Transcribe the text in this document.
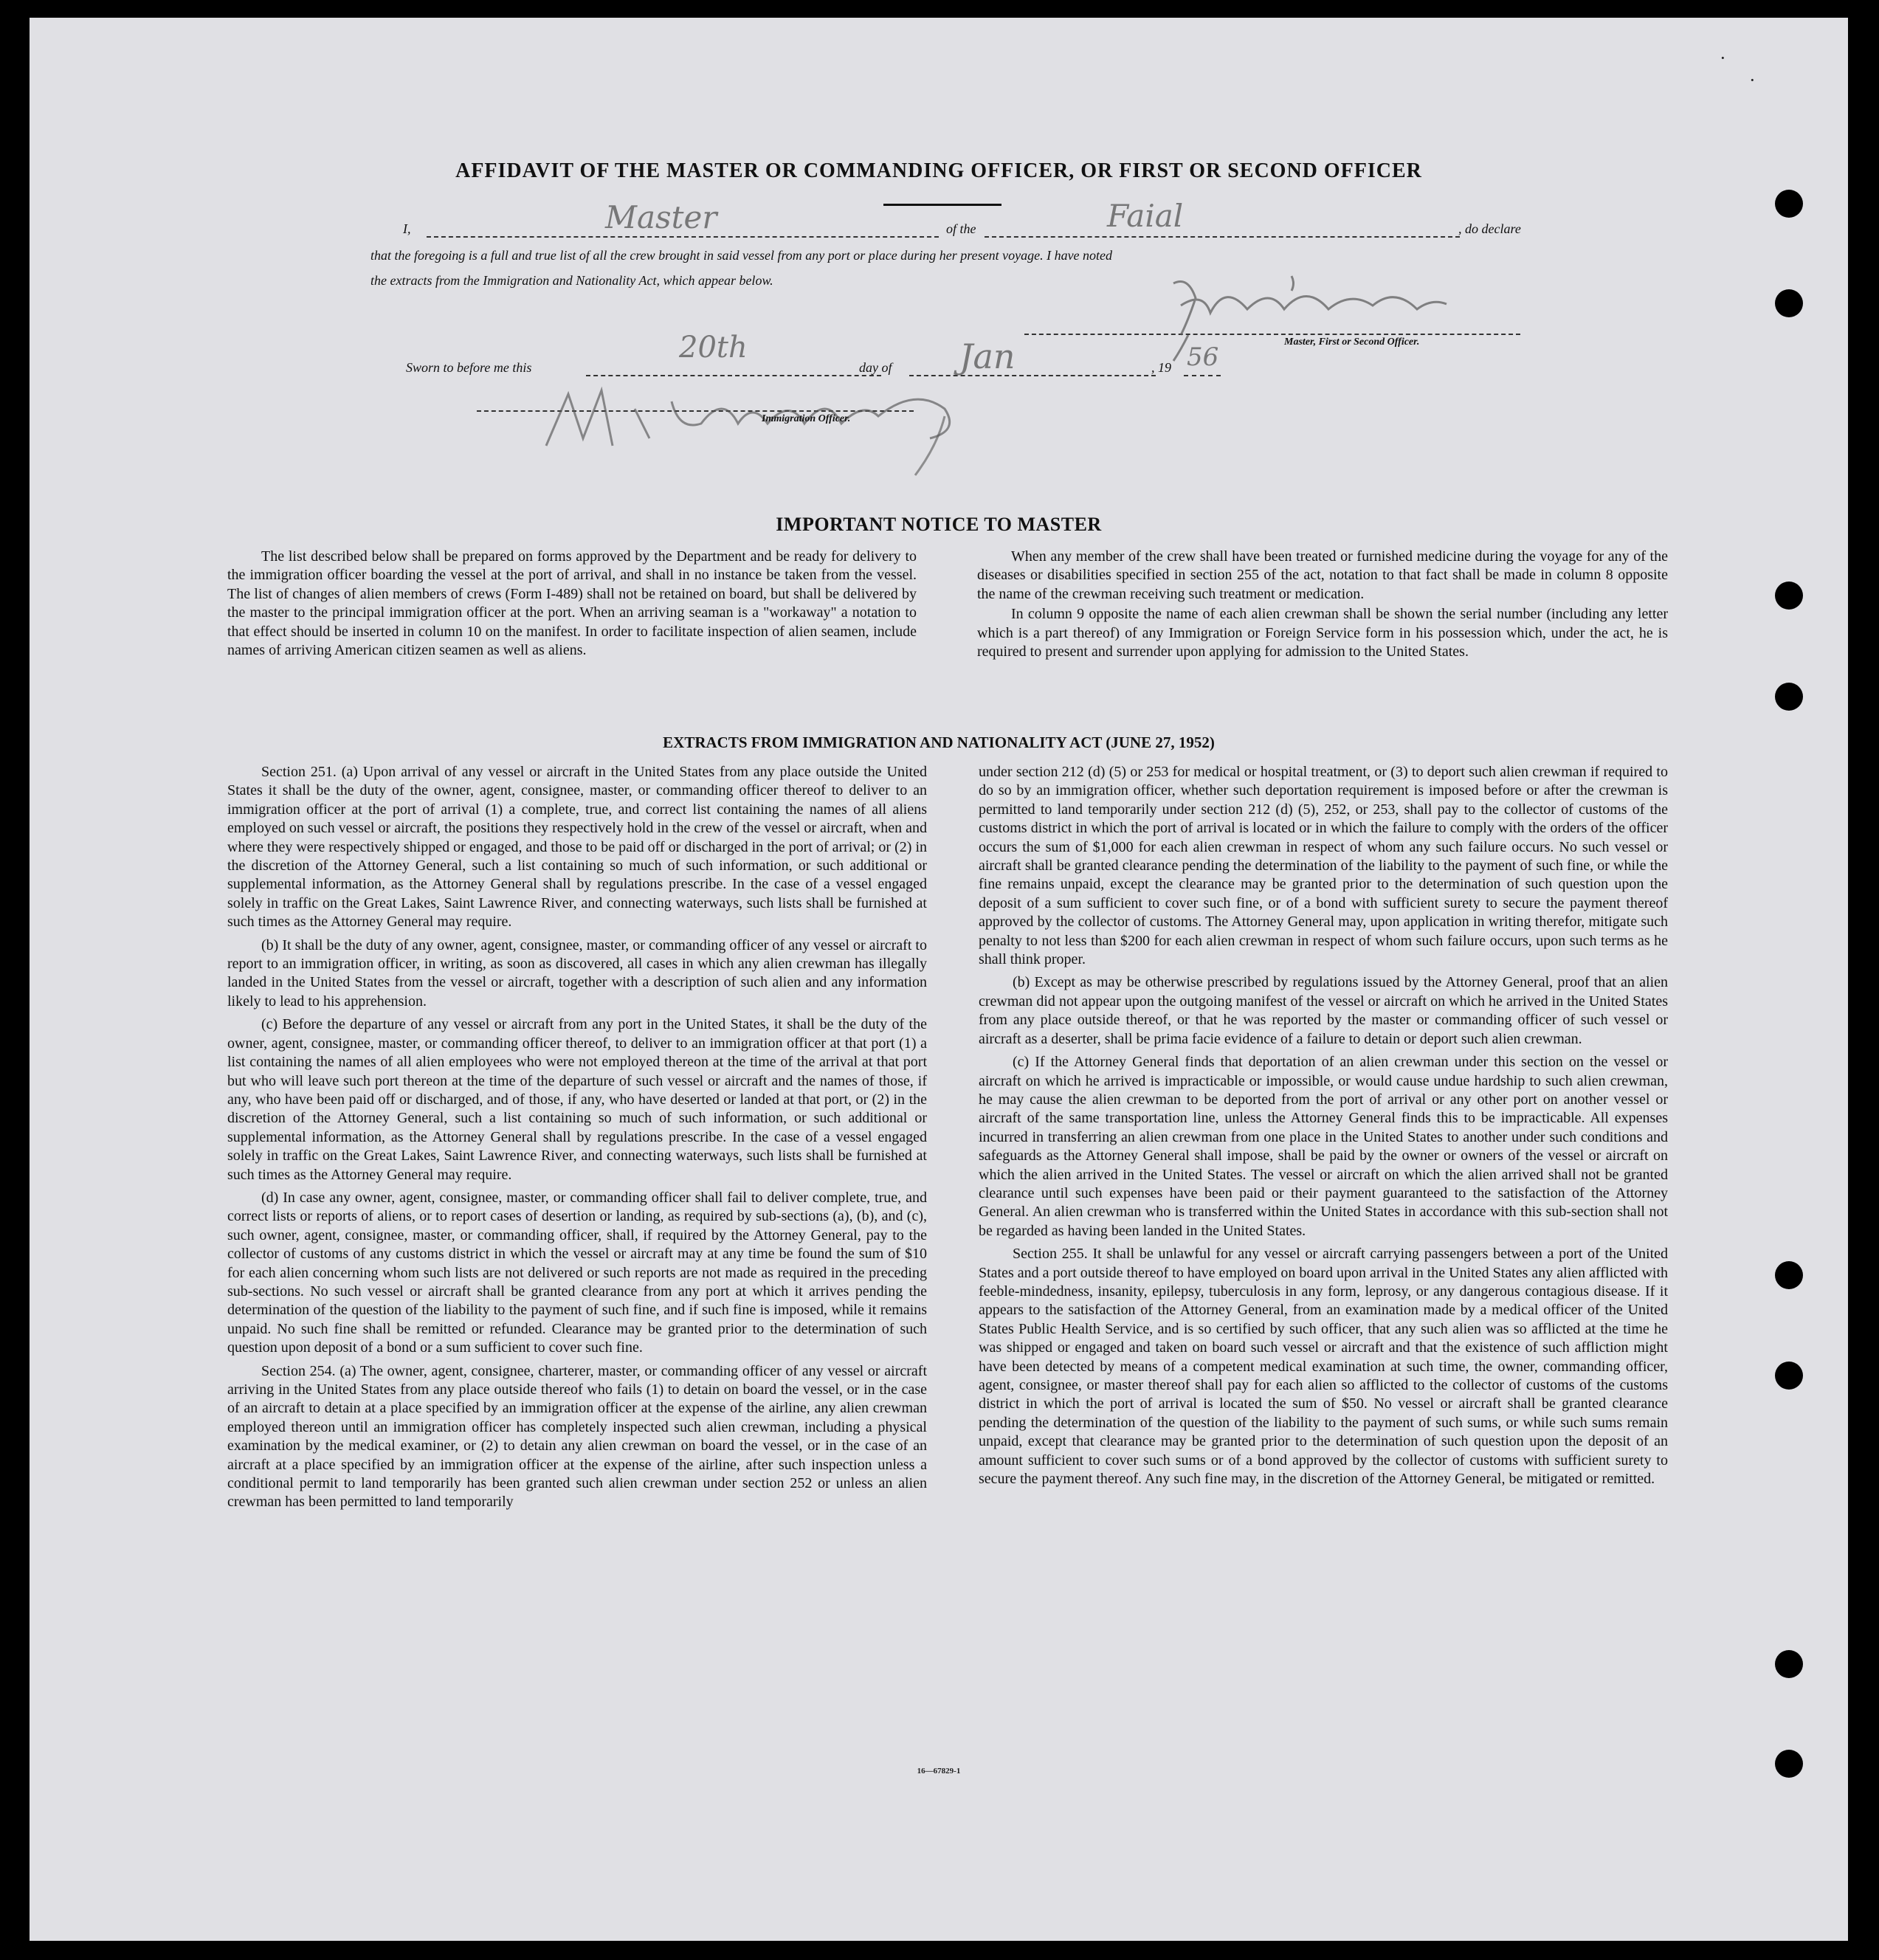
·
·
AFFIDAVIT OF THE MASTER OR COMMANDING OFFICER, OR FIRST OR SECOND OFFICER
I,	Master	of the	Faial	, do declare
that the foregoing is a full and true list of all the crew brought in said vessel from any port or place during her present voyage. I have noted
the extracts from the Immigration and Nationality Act, which appear below.
Master, First or Second Officer.
Sworn to before me this
20th
day of Jan	, 19 56
Immigration Officer.
IMPORTANT NOTICE TO MASTER

The list described below shall be prepared on forms approved by the Department and be ready for delivery to the immigration officer boarding the vessel at the port of arrival, and shall in no instance be taken from the vessel. The list of changes of alien members of crews (Form I-489) shall not be retained on board, but shall be delivered by the master to the principal immigration officer at the port. When an arriving seaman is a "workaway" a notation to that effect should be inserted in column 10 on the manifest. In order to facilitate inspection of alien seamen, include names of arriving American citizen seamen as well as aliens.

When any member of the crew shall have been treated or furnished medicine during the voyage for any of the diseases or disabilities specified in section 255 of the act, notation to that fact shall be made in column 8 opposite the name of the crewman receiving such treatment or medication.

In column 9 opposite the name of each alien crewman shall be shown the serial number (including any letter which is a part thereof) of any Immigration or Foreign Service form in his possession which, under the act, he is required to present and surrender upon applying for admission to the United States.

EXTRACTS FROM IMMIGRATION AND NATIONALITY ACT (JUNE 27, 1952)

Section 251. (a) Upon arrival of any vessel or aircraft in the United States from any place outside the United States it shall be the duty of the owner, agent, consignee, master, or commanding officer thereof to deliver to an immigration officer at the port of arrival (1) a complete, true, and correct list containing the names of all aliens employed on such vessel or aircraft, the positions they respectively hold in the crew of the vessel or aircraft, when and where they were respectively shipped or engaged, and those to be paid off or discharged in the port of arrival; or (2) in the discretion of the Attorney General, such a list containing so much of such information, or such additional or supplemental information, as the Attorney General shall by regulations prescribe. In the case of a vessel engaged solely in traffic on the Great Lakes, Saint Lawrence River, and connecting waterways, such lists shall be furnished at such times as the Attorney General may require.

(b) It shall be the duty of any owner, agent, consignee, master, or commanding officer of any vessel or aircraft to report to an immigration officer, in writing, as soon as discovered, all cases in which any alien crewman has illegally landed in the United States from the vessel or aircraft, together with a description of such alien and any information likely to lead to his apprehension.

(c) Before the departure of any vessel or aircraft from any port in the United States, it shall be the duty of the owner, agent, consignee, master, or commanding officer thereof, to deliver to an immigration officer at that port (1) a list containing the names of all alien employees who were not employed thereon at the time of the arrival at that port but who will leave such port thereon at the time of the departure of such vessel or aircraft and the names of those, if any, who have been paid off or discharged, and of those, if any, who have deserted or landed at that port, or (2) in the discretion of the Attorney General, such a list containing so much of such information, or such additional or supplemental information, as the Attorney General shall by regulations prescribe. In the case of a vessel engaged solely in traffic on the Great Lakes, Saint Lawrence River, and connecting waterways, such lists shall be furnished at such times as the Attorney General may require.

(d) In case any owner, agent, consignee, master, or commanding officer shall fail to deliver complete, true, and correct lists or reports of aliens, or to report cases of desertion or landing, as required by sub-sections (a), (b), and (c), such owner, agent, consignee, master, or commanding officer, shall, if required by the Attorney General, pay to the collector of customs of any customs district in which the vessel or aircraft may at any time be found the sum of $10 for each alien concerning whom such lists are not delivered or such reports are not made as required in the preceding sub-sections. No such vessel or aircraft shall be granted clearance from any port at which it arrives pending the determination of the question of the liability to the payment of such fine, and if such fine is imposed, while it remains unpaid. No such fine shall be remitted or refunded. Clearance may be granted prior to the determination of such question upon deposit of a bond or a sum sufficient to cover such fine.

Section 254. (a) The owner, agent, consignee, charterer, master, or commanding officer of any vessel or aircraft arriving in the United States from any place outside thereof who fails (1) to detain on board the vessel, or in the case of an aircraft to detain at a place specified by an immigration officer at the expense of the airline, any alien crewman employed thereon until an immigration officer has completely inspected such alien crewman, including a physical examination by the medical examiner, or (2) to detain any alien crewman on board the vessel, or in the case of an aircraft at a place specified by an immigration officer at the expense of the airline, after such inspection unless a conditional permit to land temporarily has been granted such alien crewman under section 252 or unless an alien crewman has been permitted to land temporarily

under section 212 (d) (5) or 253 for medical or hospital treatment, or (3) to deport such alien crewman if required to do so by an immigration officer, whether such deportation requirement is imposed before or after the crewman is permitted to land temporarily under section 212 (d) (5), 252, or 253, shall pay to the collector of customs of the customs district in which the port of arrival is located or in which the failure to comply with the orders of the officer occurs the sum of $1,000 for each alien crewman in respect of whom any such failure occurs. No such vessel or aircraft shall be granted clearance pending the determination of the liability to the payment of such fine, or while the fine remains unpaid, except the clearance may be granted prior to the determination of such question upon the deposit of a sum sufficient to cover such fine, or of a bond with sufficient surety to secure the payment thereof approved by the collector of customs. The Attorney General may, upon application in writing therefor, mitigate such penalty to not less than $200 for each alien crewman in respect of whom such failure occurs, upon such terms as he shall think proper.

(b) Except as may be otherwise prescribed by regulations issued by the Attorney General, proof that an alien crewman did not appear upon the outgoing manifest of the vessel or aircraft on which he arrived in the United States from any place outside thereof, or that he was reported by the master or commanding officer of such vessel or aircraft as a deserter, shall be prima facie evidence of a failure to detain or deport such alien crewman.

(c) If the Attorney General finds that deportation of an alien crewman under this section on the vessel or aircraft on which he arrived is impracticable or impossible, or would cause undue hardship to such alien crewman, he may cause the alien crewman to be deported from the port of arrival or any other port on another vessel or aircraft of the same transportation line, unless the Attorney General finds this to be impracticable. All expenses incurred in transferring an alien crewman from one place in the United States to another under such conditions and safeguards as the Attorney General shall impose, shall be paid by the owner or owners of the vessel or aircraft on which the alien arrived in the United States. The vessel or aircraft on which the alien arrived shall not be granted clearance until such expenses have been paid or their payment guaranteed to the satisfaction of the Attorney General. An alien crewman who is transferred within the United States in accordance with this sub-section shall not be regarded as having been landed in the United States.

Section 255. It shall be unlawful for any vessel or aircraft carrying passengers between a port of the United States and a port outside thereof to have employed on board upon arrival in the United States any alien afflicted with feeble-mindedness, insanity, epilepsy, tuberculosis in any form, leprosy, or any dangerous contagious disease. If it appears to the satisfaction of the Attorney General, from an examination made by a medical officer of the United States Public Health Service, and is so certified by such officer, that any such alien was so afflicted at the time he was shipped or engaged and taken on board such vessel or aircraft and that the existence of such affliction might have been detected by means of a competent medical examination at such time, the owner, commanding officer, agent, consignee, or master thereof shall pay for each alien so afflicted to the collector of customs of the customs district in which the port of arrival is located the sum of $50. No vessel or aircraft shall be granted clearance pending the determination of the question of the liability to the payment of such sums, or while such sums remain unpaid, except that clearance may be granted prior to the determination of such question upon the deposit of an amount sufficient to cover such sums or of a bond approved by the collector of customs with sufficient surety to secure the payment thereof. Any such fine may, in the discretion of the Attorney General, be mitigated or remitted.

16—67829-1
